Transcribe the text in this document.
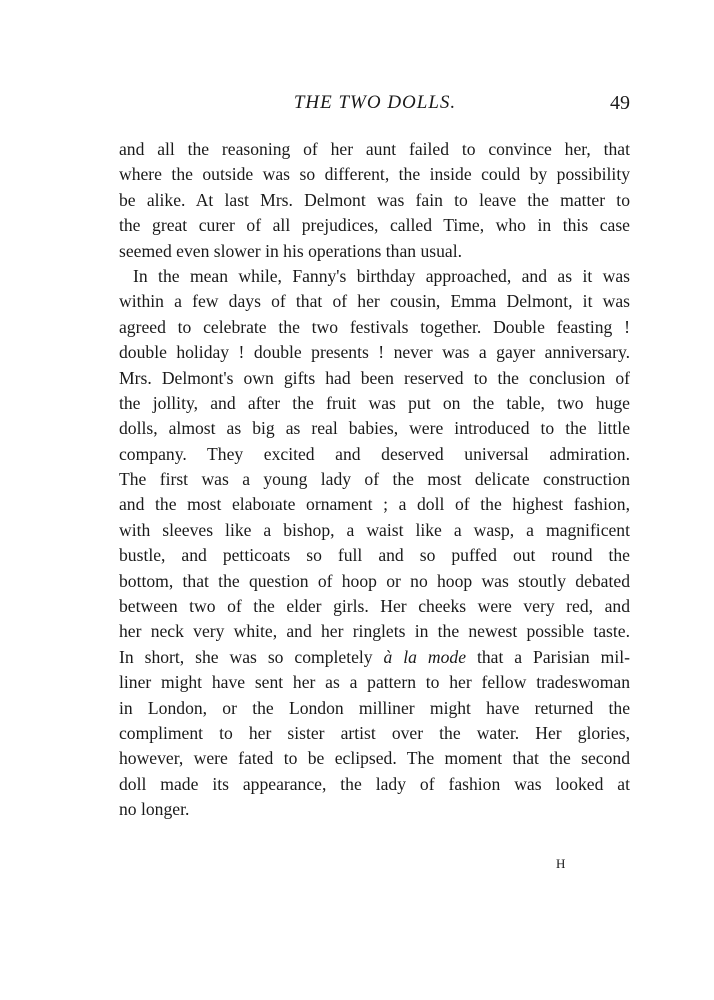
THE TWO DOLLS.	49
and all the reasoning of her aunt failed to convince her, that
where the outside was so different, the inside could by possibility
be alike. At last Mrs. Delmont was fain to leave the matter to
the great curer of all prejudices, called Time, who in this case
seemed even slower in his operations than usual.
In the mean while, Fanny's birthday approached, and as it was
within a few days of that of her cousin, Emma Delmont, it was
agreed to celebrate the two festivals together. Double feasting !
double holiday ! double presents ! never was a gayer anniversary.
Mrs. Delmont's own gifts had been reserved to the conclusion of
the jollity, and after the fruit was put on the table, two huge
dolls, almost as big as real babies, were introduced to the little
company. They excited and deserved universal admiration.
The first was a young lady of the most delicate construction
and the most elaboıate ornament ; a doll of the highest fashion,
with sleeves like a bishop, a waist like a wasp, a magnificent
bustle, and petticoats so full and so puffed out round the
bottom, that the question of hoop or no hoop was stoutly debated
between two of the elder girls. Her cheeks were very red, and
her neck very white, and her ringlets in the newest possible taste.
In short, she was so completely à la mode that a Parisian mil-
liner might have sent her as a pattern to her fellow tradeswoman
in London, or the London milliner might have returned the
compliment to her sister artist over the water. Her glories,
however, were fated to be eclipsed. The moment that the second
doll made its appearance, the lady of fashion was looked at
no longer.
H
